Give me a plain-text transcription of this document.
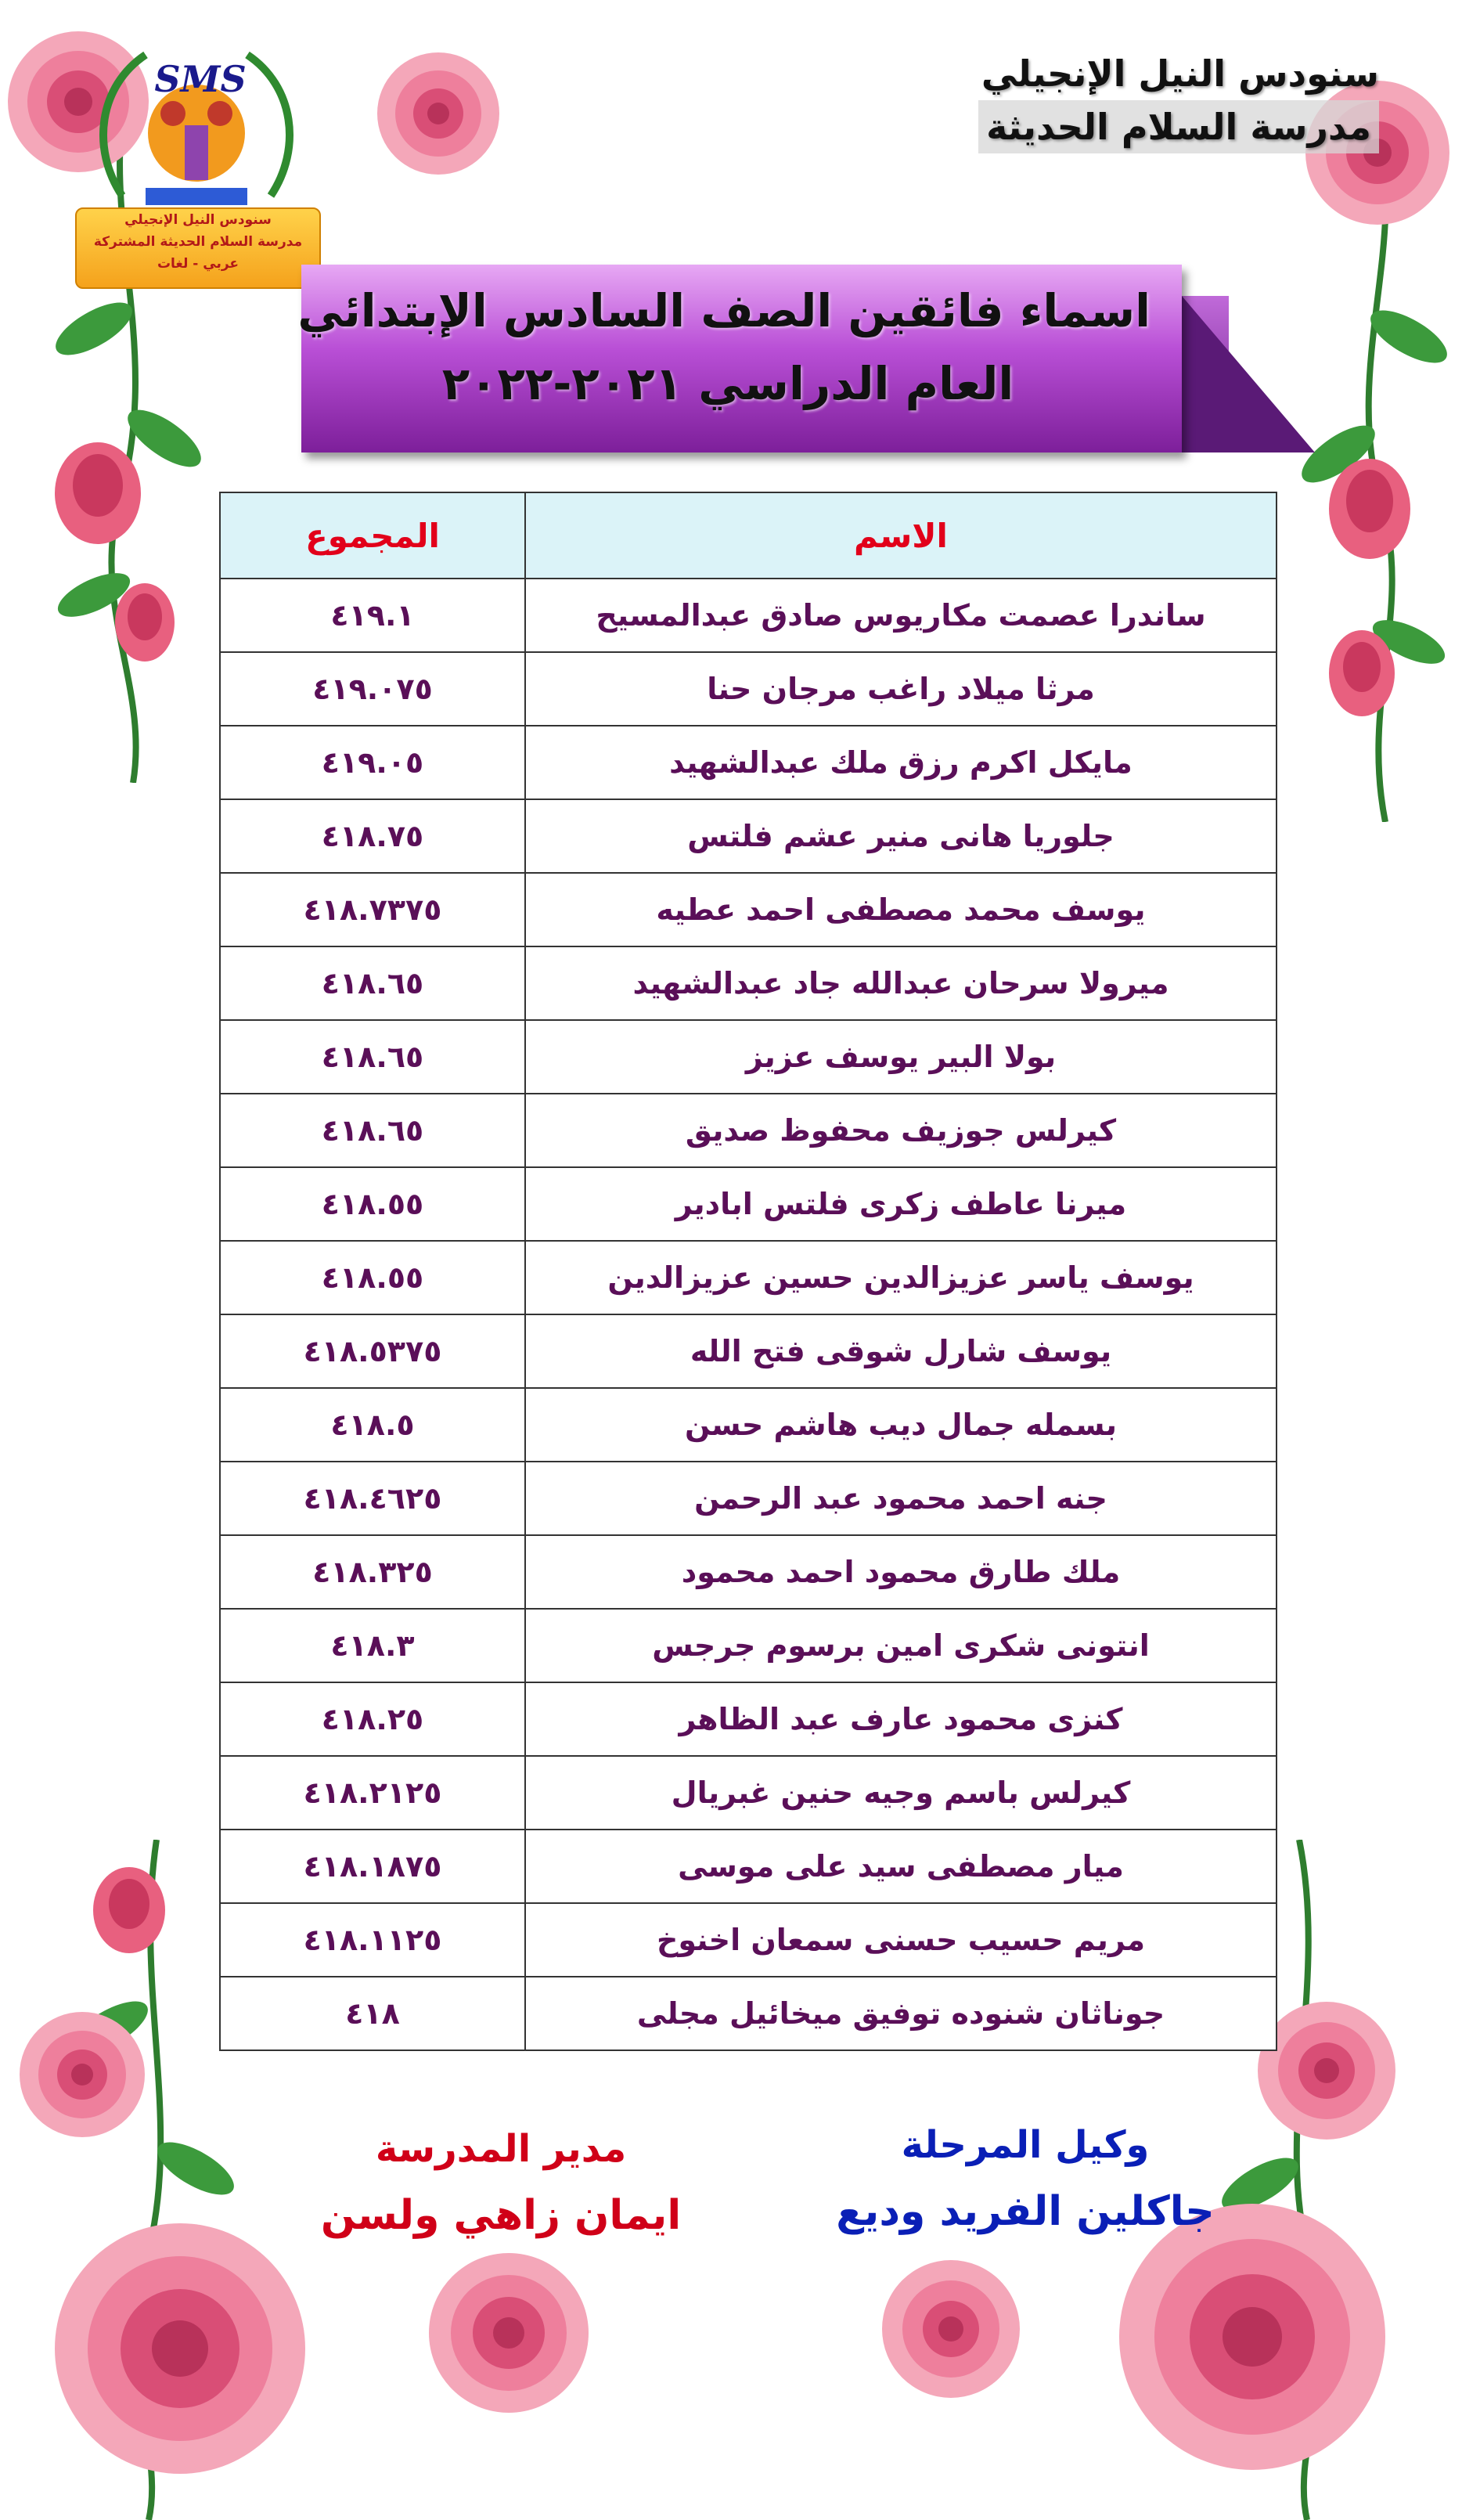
SMS
سنودس النيل الإنجيلي
مدرسة السلام الحديثة المشتركة
عربي - لغات
سنودس النيل الإنجيلي
مدرسة السلام الحديثة
اسماء فائقين الصف السادس الإبتدائي
العام الدراسي ٢٠٢١-٢٠٢٢
الاسم	المجموع
ساندرا عصمت مكاريوس صادق عبدالمسيح	٤١٩.١
مرثا ميلاد راغب مرجان حنا	٤١٩.٠٧٥
مايكل اكرم رزق ملك عبدالشهيد	٤١٩.٠٥
جلوريا هانى منير عشم فلتس	٤١٨.٧٥
يوسف محمد مصطفى احمد عطيه	٤١٨.٧٣٧٥
ميرولا سرحان عبدالله جاد عبدالشهيد	٤١٨.٦٥
بولا البير يوسف عزيز	٤١٨.٦٥
كيرلس جوزيف محفوظ صديق	٤١٨.٦٥
ميرنا عاطف زكرى فلتس ابادير	٤١٨.٥٥
يوسف ياسر عزيزالدين حسين عزيزالدين	٤١٨.٥٥
يوسف شارل شوقى فتح الله	٤١٨.٥٣٧٥
بسمله جمال ديب هاشم حسن	٤١٨.٥
جنه احمد محمود عبد الرحمن	٤١٨.٤٦٢٥
ملك طارق محمود احمد محمود	٤١٨.٣٢٥
انتونى شكرى امين برسوم جرجس	٤١٨.٣
كنزى محمود عارف عبد الظاهر	٤١٨.٢٥
كيرلس باسم وجيه حنين غبريال	٤١٨.٢١٢٥
ميار مصطفى سيد على موسى	٤١٨.١٨٧٥
مريم حسيب حسنى سمعان اخنوخ	٤١٨.١١٢٥
جوناثان شنوده توفيق ميخائيل مجلى	٤١٨
مدير المدرسة
ايمان زاهي ولسن
وكيل المرحلة
جاكلين الفريد وديع
